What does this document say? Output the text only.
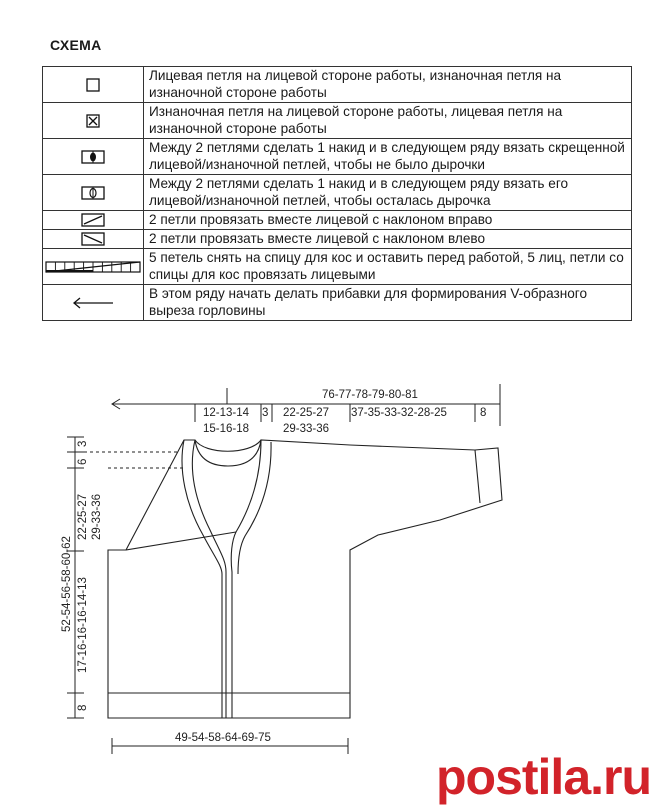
СХЕМА
	Лицевая петля на лицевой стороне работы, изнаночная петля на изнаночной стороне работы

	Изнаночная петля на лицевой стороне работы, лицевая петля на изнаночной стороне работы

	Между 2 петлями сделать 1 накид и в следующем ряду вязать скрещенной лицевой/изнаночной петлей, чтобы не было дырочки

	Между 2 петлями сделать 1 накид и в следующем ряду вязать его лицевой/изнаночной петлей, чтобы осталась дырочка

	2 петли провязать вместе лицевой с наклоном вправо

	2 петли провязать вместе лицевой с наклоном влево

	5 петель снять на спицу для кос и оставить перед работой, 5 лиц, петли со спицы для кос провязать лицевыми

	В этом ряду начать делать прибавки для формирования V-образного выреза горловины
76-77-78-79-80-81
12-13-14
15-16-18
3 22-25-27
29-33-36
37-35-33-32-28-25	8
49-54-58-64-69-75
3
6
22-25-27 29-33-36
52-54-56-58-60-62 17-16-16-16-14-13
8
postila.ru
